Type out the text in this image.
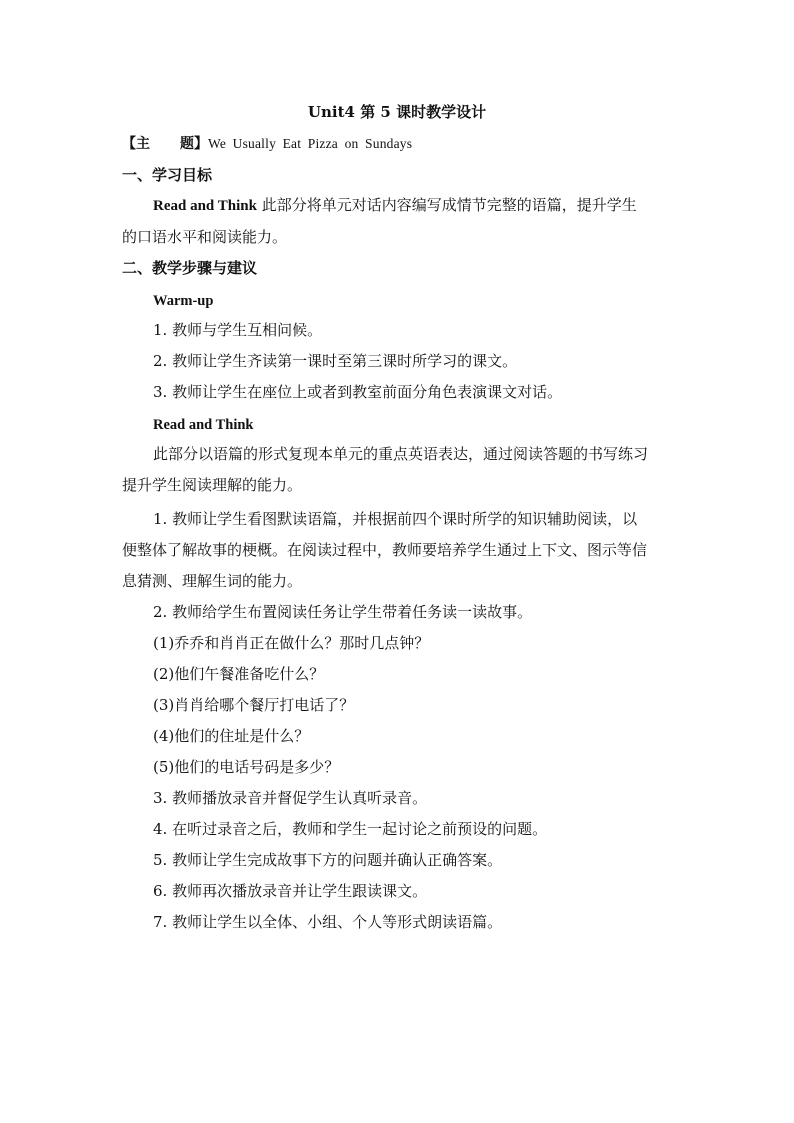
Unit4 第 5 课时教学设计
【主 题】We Usually Eat Pizza on Sundays
一、学习目标
Read and Think 此部分将单元对话内容编写成情节完整的语篇，提升学生
的口语水平和阅读能力。
二、教学步骤与建议
Warm-up
1. 教师与学生互相问候。
2. 教师让学生齐读第一课时至第三课时所学习的课文。
3. 教师让学生在座位上或者到教室前面分角色表演课文对话。
Read and Think
此部分以语篇的形式复现本单元的重点英语表达，通过阅读答题的书写练习
提升学生阅读理解的能力。
1. 教师让学生看图默读语篇，并根据前四个课时所学的知识辅助阅读，以
便整体了解故事的梗概。在阅读过程中，教师要培养学生通过上下文、图示等信
息猜测、理解生词的能力。
2. 教师给学生布置阅读任务让学生带着任务读一读故事。
(1)乔乔和肖肖正在做什么？那时几点钟？
(2)他们午餐准备吃什么？
(3)肖肖给哪个餐厅打电话了？
(4)他们的住址是什么？
(5)他们的电话号码是多少？
3. 教师播放录音并督促学生认真听录音。
4. 在听过录音之后，教师和学生一起讨论之前预设的问题。
5. 教师让学生完成故事下方的问题并确认正确答案。
6. 教师再次播放录音并让学生跟读课文。
7. 教师让学生以全体、小组、个人等形式朗读语篇。
